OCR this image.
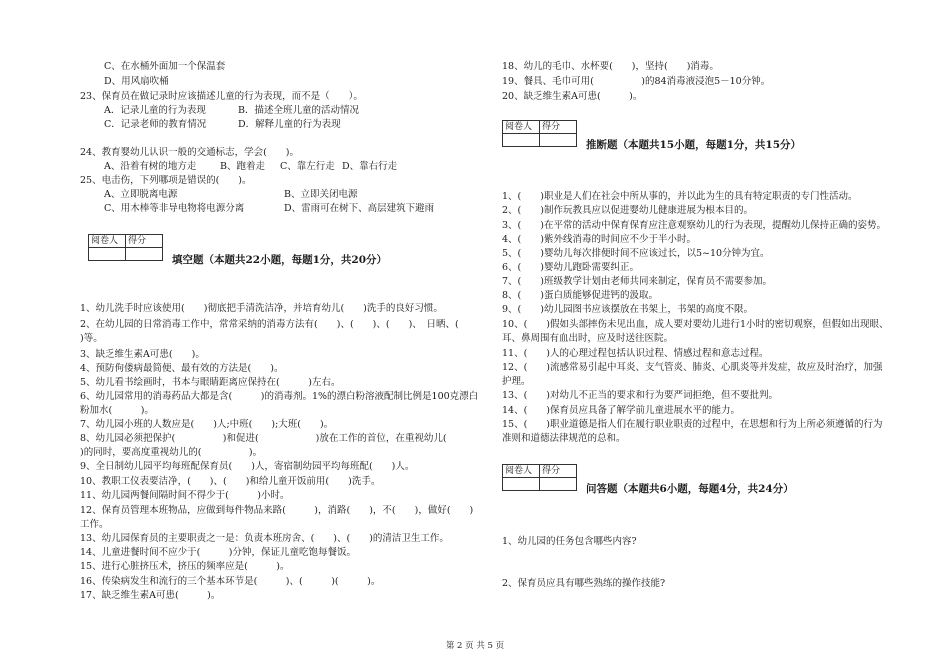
C、在水桶外面加一个保温套
D、用风扇吹桶
23、保育员在做记录时应该描述儿童的行为表现，而不是（　　）。
A．记录儿童的行为表现	B．描述全班儿童的活动情况
C．记录老师的教育情况	D．解释儿童的行为表现
24、教育婴幼儿认识一般的交通标志，学会(　　)。
A、沿着有树的地方走 B、跑着走 C、靠左行走 D、靠右行走
25、电击伤，下列哪项是错误的(　　)。
A、立即脱离电源	B、立即关闭电源
C、用木棒等非导电物将电源分离	D、雷雨可在树下、高层建筑下避雨
阅卷人	得分

填空题（本题共22小题，每题1分，共20分）
1、幼儿洗手时应该使用(　　)彻底把手清洗洁净，并培育幼儿(　　)洗手的良好习惯。
2、在幼儿园的日常消毒工作中，常常采纳的消毒方法有(　　)、(　　)、(　　)、　日晒、(　　
)等。
3、缺乏维生素A可患(　　)。
4、预防佝偻病最简便、最有效的方法是(　　)。
5、幼儿看书绘画时，书本与眼睛距离应保持在(　　　)左右。
6、幼儿园常用的消毒药品大都是含(　　　)的消毒剂。1%的漂白粉溶液配制比例是100克漂白
粉加水(　　　)。
7、幼儿园小班的人数应是(　　)人;中班(　　);大班(　　)。
8、幼儿园必须把保护(　　　　　)和促进(　　　　　　)放在工作的首位，在重视幼儿(　　
)的同时，要高度重视幼儿的(　　　　　)。
9、全日制幼儿园平均每班配保育员(　　)人，寄宿制幼园平均每班配(　　)人。
10、教职工仪表要洁净，(　　)、(　　)和给儿童开饭前用(　　)洗手。
11、幼儿园两餐间隔时间不得少于(　　　)小时。
12、保育员管理本班物品，应做到每件物品来路(　　　)，消路(　　)，不(　　)，做好(　　)
工作。
13、幼儿园保育员的主要职责之一是：负责本班房舍、(　　)、(　　)的清洁卫生工作。
14、儿童进餐时间不应少于(　　　)分钟，保证儿童吃饱每餐饭。
15、进行心脏挤压术，挤压的频率应是(　　　)。
16、传染病发生和流行的三个基本环节是(　　　)、(　　　)(　　　)。
17、缺乏维生素A可患(　　　)。
18、幼儿的毛巾、水杯要(　　)，坚持(　　)消毒。
19、餐具、毛巾可用(　　　　　)的84消毒液浸泡5－10分钟。
20、缺乏维生素A可患(　　　)。
阅卷人	得分

推断题（本题共15小题，每题1分，共15分）
1、(　　)职业是人们在社会中所从事的，并以此为生的具有特定职责的专门性活动。
2、(　　)制作玩教具应以促进婴幼儿健康进展为根本目的。
3、(　　)在平常的活动中保育保育应注意观察幼儿的行为表现，提醒幼儿保持正确的姿势。
4、(　　)紫外线消毒的时间应不少于半小时。
5、(　　)婴幼儿每次排便时间不应该过长，以5~10分钟为宜。
6、(　　)婴幼儿跑卧需要纠正。
7、(　　)班级教学计划由老师共同来制定，保育员不需要参加。
8、(　　)蛋白质能够促进钙的汲取。
9、(　　)幼儿园图书应该摆放在书架上，书架的高度不限。
10、(　　)假如头部摔伤未见出血，成人要对要幼儿进行1小时的密切观察，但假如出现眼、
耳、鼻周围有血出时，应及时送往医院。
11、(　　)人的心理过程包括认识过程、情感过程和意志过程。
12、(　　)流感常易引起中耳炎、支气管炎、肺炎、心肌炎等并发症，故应及时治疗，加强
护理。
13、(　　)对幼儿不正当的要求和行为要严词拒绝，但不要批判。
14、(　　)保育员应具备了解学前儿童进展水平的能力。
15、(　　)职业道德是指人们在履行职业职责的过程中，在思想和行为上所必须遵循的行为
准则和道德法律规范的总和。
阅卷人	得分

问答题（本题共6小题，每题4分，共24分）
1、幼儿园的任务包含哪些内容?
2、保育员应具有哪些熟练的操作技能?
第 2 页 共 5 页
